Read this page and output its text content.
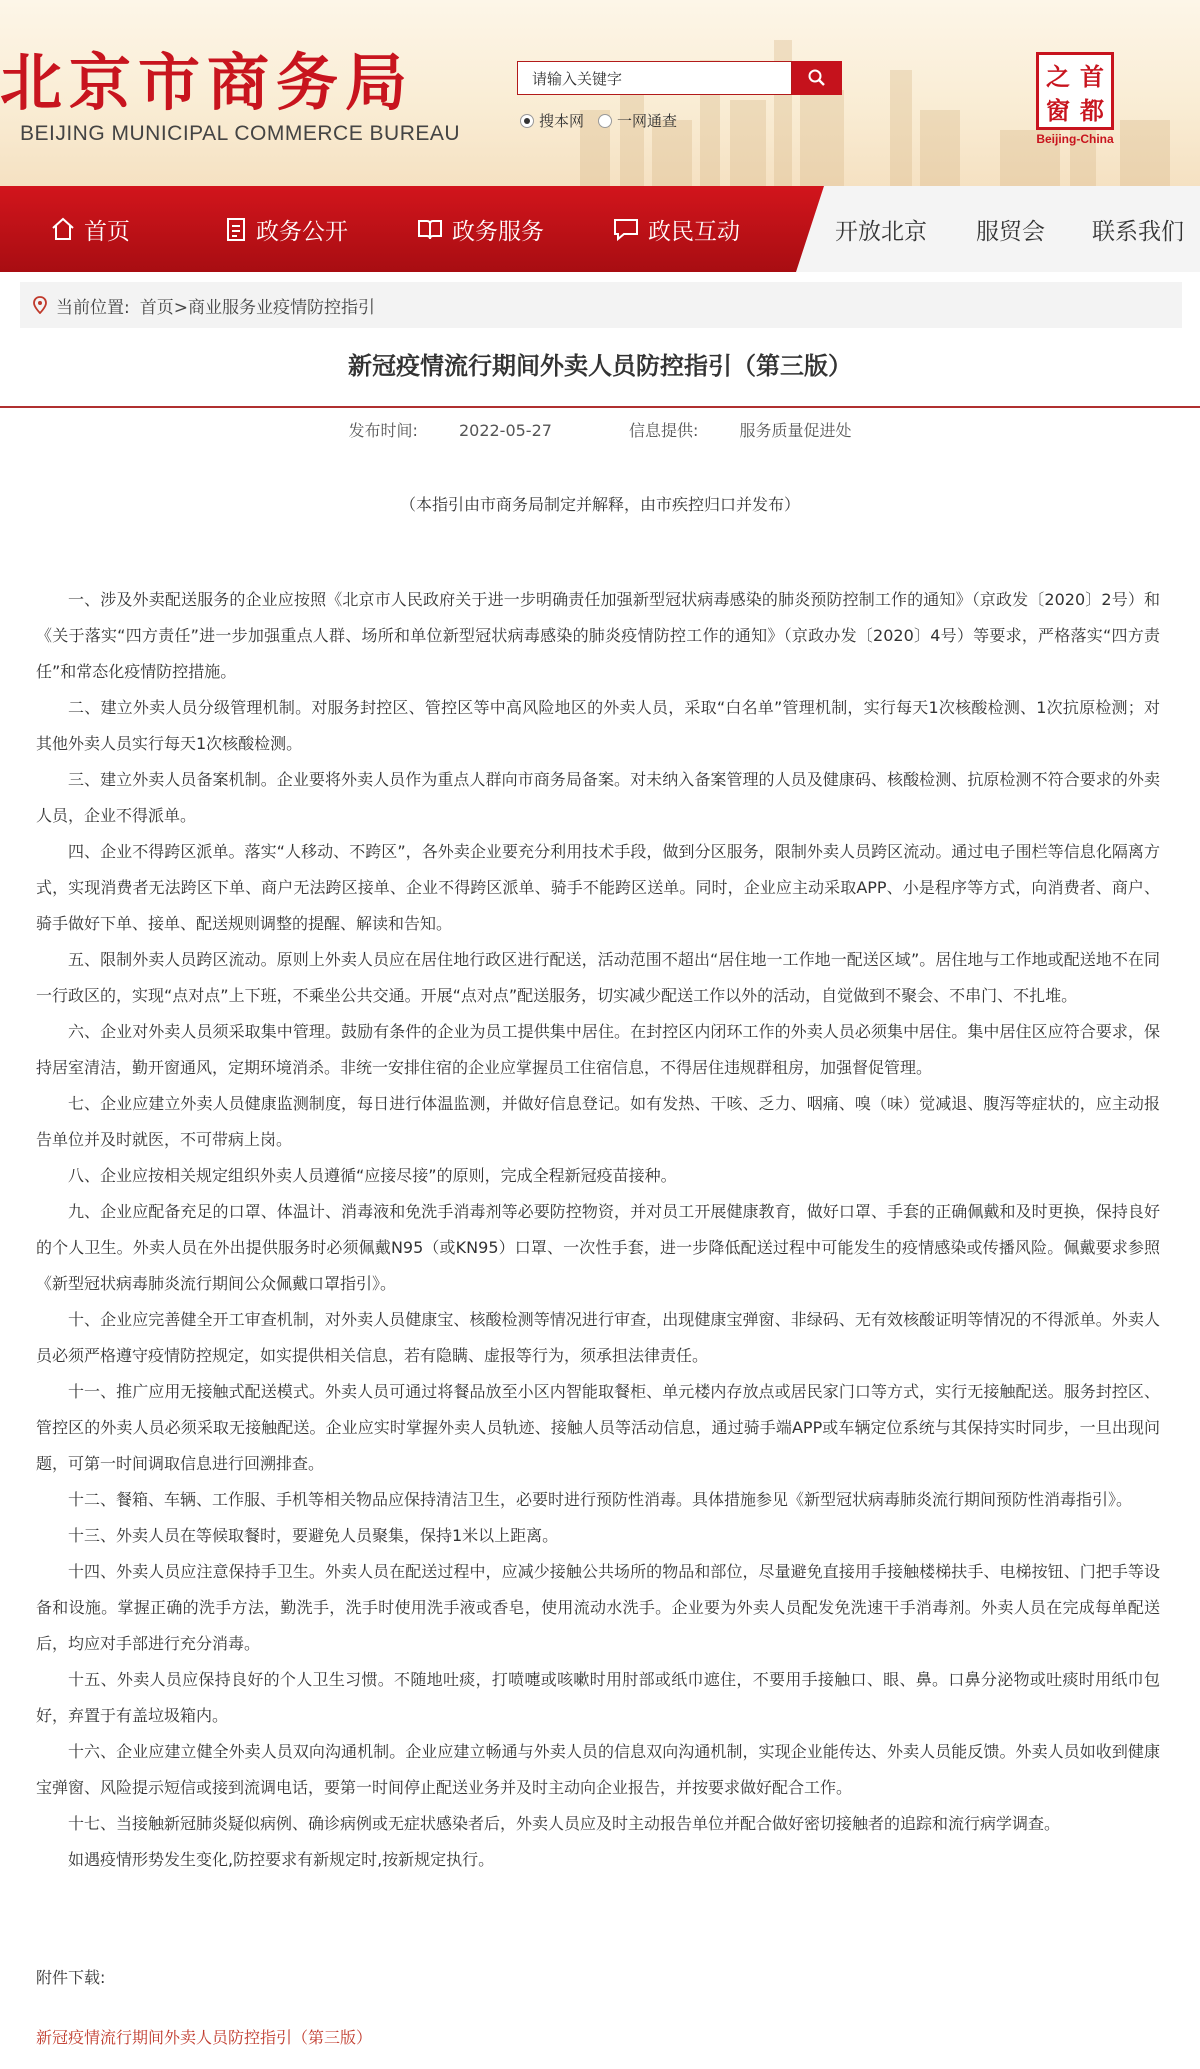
北京市商务局
BEIJING MUNICIPAL COMMERCE BUREAU
请输入关键字
搜本网 一网通查
首
都
之
窗
Beijing-China
首页	政务公开	政务服务	政民互动	开放北京 服贸会 联系我们
当前位置: 首页>商业服务业疫情防控指引
新冠疫情流行期间外卖人员防控指引（第三版）
发布时间:	2022-05-27	信息提供:	服务质量促进处
（本指引由市商务局制定并解释，由市疾控归口并发布）

一、涉及外卖配送服务的企业应按照《北京市人民政府关于进一步明确责任加强新型冠状病毒感染的肺炎预防控制工作的通知》（京政发〔2020〕2号）和《关于落实“四方责任”进一步加强重点人群、场所和单位新型冠状病毒感染的肺炎疫情防控工作的通知》（京政办发〔2020〕4号）等要求，严格落实“四方责任”和常态化疫情防控措施。

二、建立外卖人员分级管理机制。对服务封控区、管控区等中高风险地区的外卖人员，采取“白名单”管理机制，实行每天1次核酸检测、1次抗原检测；对其他外卖人员实行每天1次核酸检测。

三、建立外卖人员备案机制。企业要将外卖人员作为重点人群向市商务局备案。对未纳入备案管理的人员及健康码、核酸检测、抗原检测不符合要求的外卖人员，企业不得派单。

四、企业不得跨区派单。落实“人移动、不跨区”，各外卖企业要充分利用技术手段，做到分区服务，限制外卖人员跨区流动。通过电子围栏等信息化隔离方式，实现消费者无法跨区下单、商户无法跨区接单、企业不得跨区派单、骑手不能跨区送单。同时，企业应主动采取APP、小是程序等方式，向消费者、商户、骑手做好下单、接单、配送规则调整的提醒、解读和告知。

五、限制外卖人员跨区流动。原则上外卖人员应在居住地行政区进行配送，活动范围不超出“居住地一工作地一配送区域”。居住地与工作地或配送地不在同一行政区的，实现“点对点”上下班，不乘坐公共交通。开展“点对点”配送服务，切实减少配送工作以外的活动，自觉做到不聚会、不串门、不扎堆。

六、企业对外卖人员须采取集中管理。鼓励有条件的企业为员工提供集中居住。在封控区内闭环工作的外卖人员必须集中居住。集中居住区应符合要求，保持居室清洁，勤开窗通风，定期环境消杀。非统一安排住宿的企业应掌握员工住宿信息，不得居住违规群租房，加强督促管理。

七、企业应建立外卖人员健康监测制度，每日进行体温监测，并做好信息登记。如有发热、干咳、乏力、咽痛、嗅（味）觉减退、腹泻等症状的，应主动报告单位并及时就医，不可带病上岗。

八、企业应按相关规定组织外卖人员遵循“应接尽接”的原则，完成全程新冠疫苗接种。

九、企业应配备充足的口罩、体温计、消毒液和免洗手消毒剂等必要防控物资，并对员工开展健康教育，做好口罩、手套的正确佩戴和及时更换，保持良好的个人卫生。外卖人员在外出提供服务时必须佩戴N95（或KN95）口罩、一次性手套，进一步降低配送过程中可能发生的疫情感染或传播风险。佩戴要求参照《新型冠状病毒肺炎流行期间公众佩戴口罩指引》。

十、企业应完善健全开工审查机制，对外卖人员健康宝、核酸检测等情况进行审查，出现健康宝弹窗、非绿码、无有效核酸证明等情况的不得派单。外卖人员必须严格遵守疫情防控规定，如实提供相关信息，若有隐瞒、虚报等行为，须承担法律责任。

十一、推广应用无接触式配送模式。外卖人员可通过将餐品放至小区内智能取餐柜、单元楼内存放点或居民家门口等方式，实行无接触配送。服务封控区、管控区的外卖人员必须采取无接触配送。企业应实时掌握外卖人员轨迹、接触人员等活动信息，通过骑手端APP或车辆定位系统与其保持实时同步，一旦出现问题，可第一时间调取信息进行回溯排查。

十二、餐箱、车辆、工作服、手机等相关物品应保持清洁卫生，必要时进行预防性消毒。具体措施参见《新型冠状病毒肺炎流行期间预防性消毒指引》。

十三、外卖人员在等候取餐时，要避免人员聚集，保持1米以上距离。

十四、外卖人员应注意保持手卫生。外卖人员在配送过程中，应减少接触公共场所的物品和部位，尽量避免直接用手接触楼梯扶手、电梯按钮、门把手等设备和设施。掌握正确的洗手方法，勤洗手，洗手时使用洗手液或香皂，使用流动水洗手。企业要为外卖人员配发免洗速干手消毒剂。外卖人员在完成每单配送后，均应对手部进行充分消毒。

十五、外卖人员应保持良好的个人卫生习惯。不随地吐痰，打喷嚏或咳嗽时用肘部或纸巾遮住，不要用手接触口、眼、鼻。口鼻分泌物或吐痰时用纸巾包好，弃置于有盖垃圾箱内。

十六、企业应建立健全外卖人员双向沟通机制。企业应建立畅通与外卖人员的信息双向沟通机制，实现企业能传达、外卖人员能反馈。外卖人员如收到健康宝弹窗、风险提示短信或接到流调电话，要第一时间停止配送业务并及时主动向企业报告，并按要求做好配合工作。

十七、当接触新冠肺炎疑似病例、确诊病例或无症状感染者后，外卖人员应及时主动报告单位并配合做好密切接触者的追踪和流行病学调查。

如遇疫情形势发生变化,防控要求有新规定时,按新规定执行。

附件下载:
新冠疫情流行期间外卖人员防控指引（第三版）
